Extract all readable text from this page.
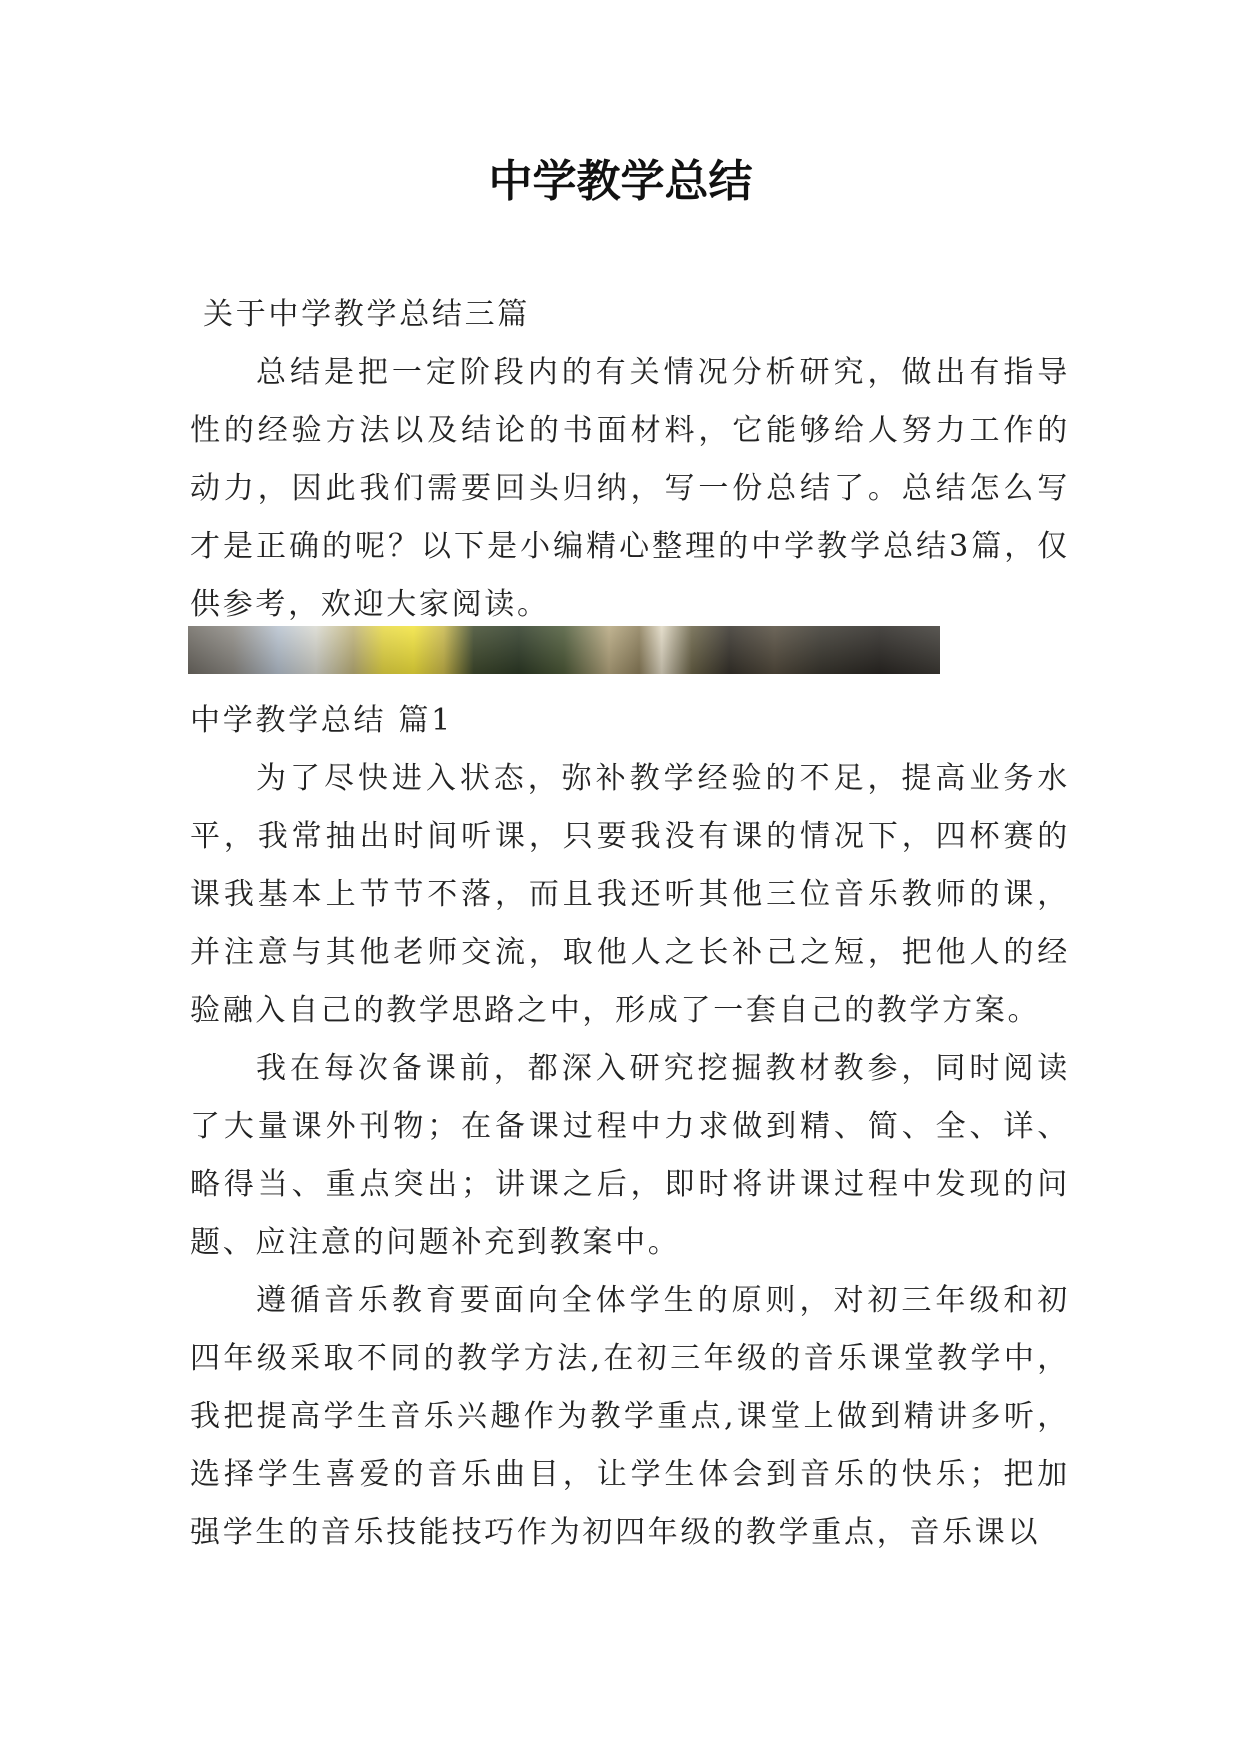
中学教学总结
关于中学教学总结三篇

总结是把一定阶段内的有关情况分析研究，做出有指导性的经验方法以及结论的书面材料，它能够给人努力工作的动力，因此我们需要回头归纳，写一份总结了。总结怎么写才是正确的呢？以下是小编精心整理的中学教学总结3篇，仅供参考，欢迎大家阅读。

中学教学总结 篇1

为了尽快进入状态，弥补教学经验的不足，提高业务水平，我常抽出时间听课，只要我没有课的情况下，四杯赛的课我基本上节节不落，而且我还听其他三位音乐教师的课，并注意与其他老师交流，取他人之长补己之短，把他人的经验融入自己的教学思路之中，形成了一套自己的教学方案。

我在每次备课前，都深入研究挖掘教材教参，同时阅读了大量课外刊物；在备课过程中力求做到精、简、全、详、略得当、重点突出；讲课之后，即时将讲课过程中发现的问题、应注意的问题补充到教案中。

遵循音乐教育要面向全体学生的原则，对初三年级和初四年级采取不同的教学方法,在初三年级的音乐课堂教学中，我把提高学生音乐兴趣作为教学重点,课堂上做到精讲多听，选择学生喜爱的音乐曲目，让学生体会到音乐的快乐；把加强学生的音乐技能技巧作为初四年级的教学重点，音乐课以
